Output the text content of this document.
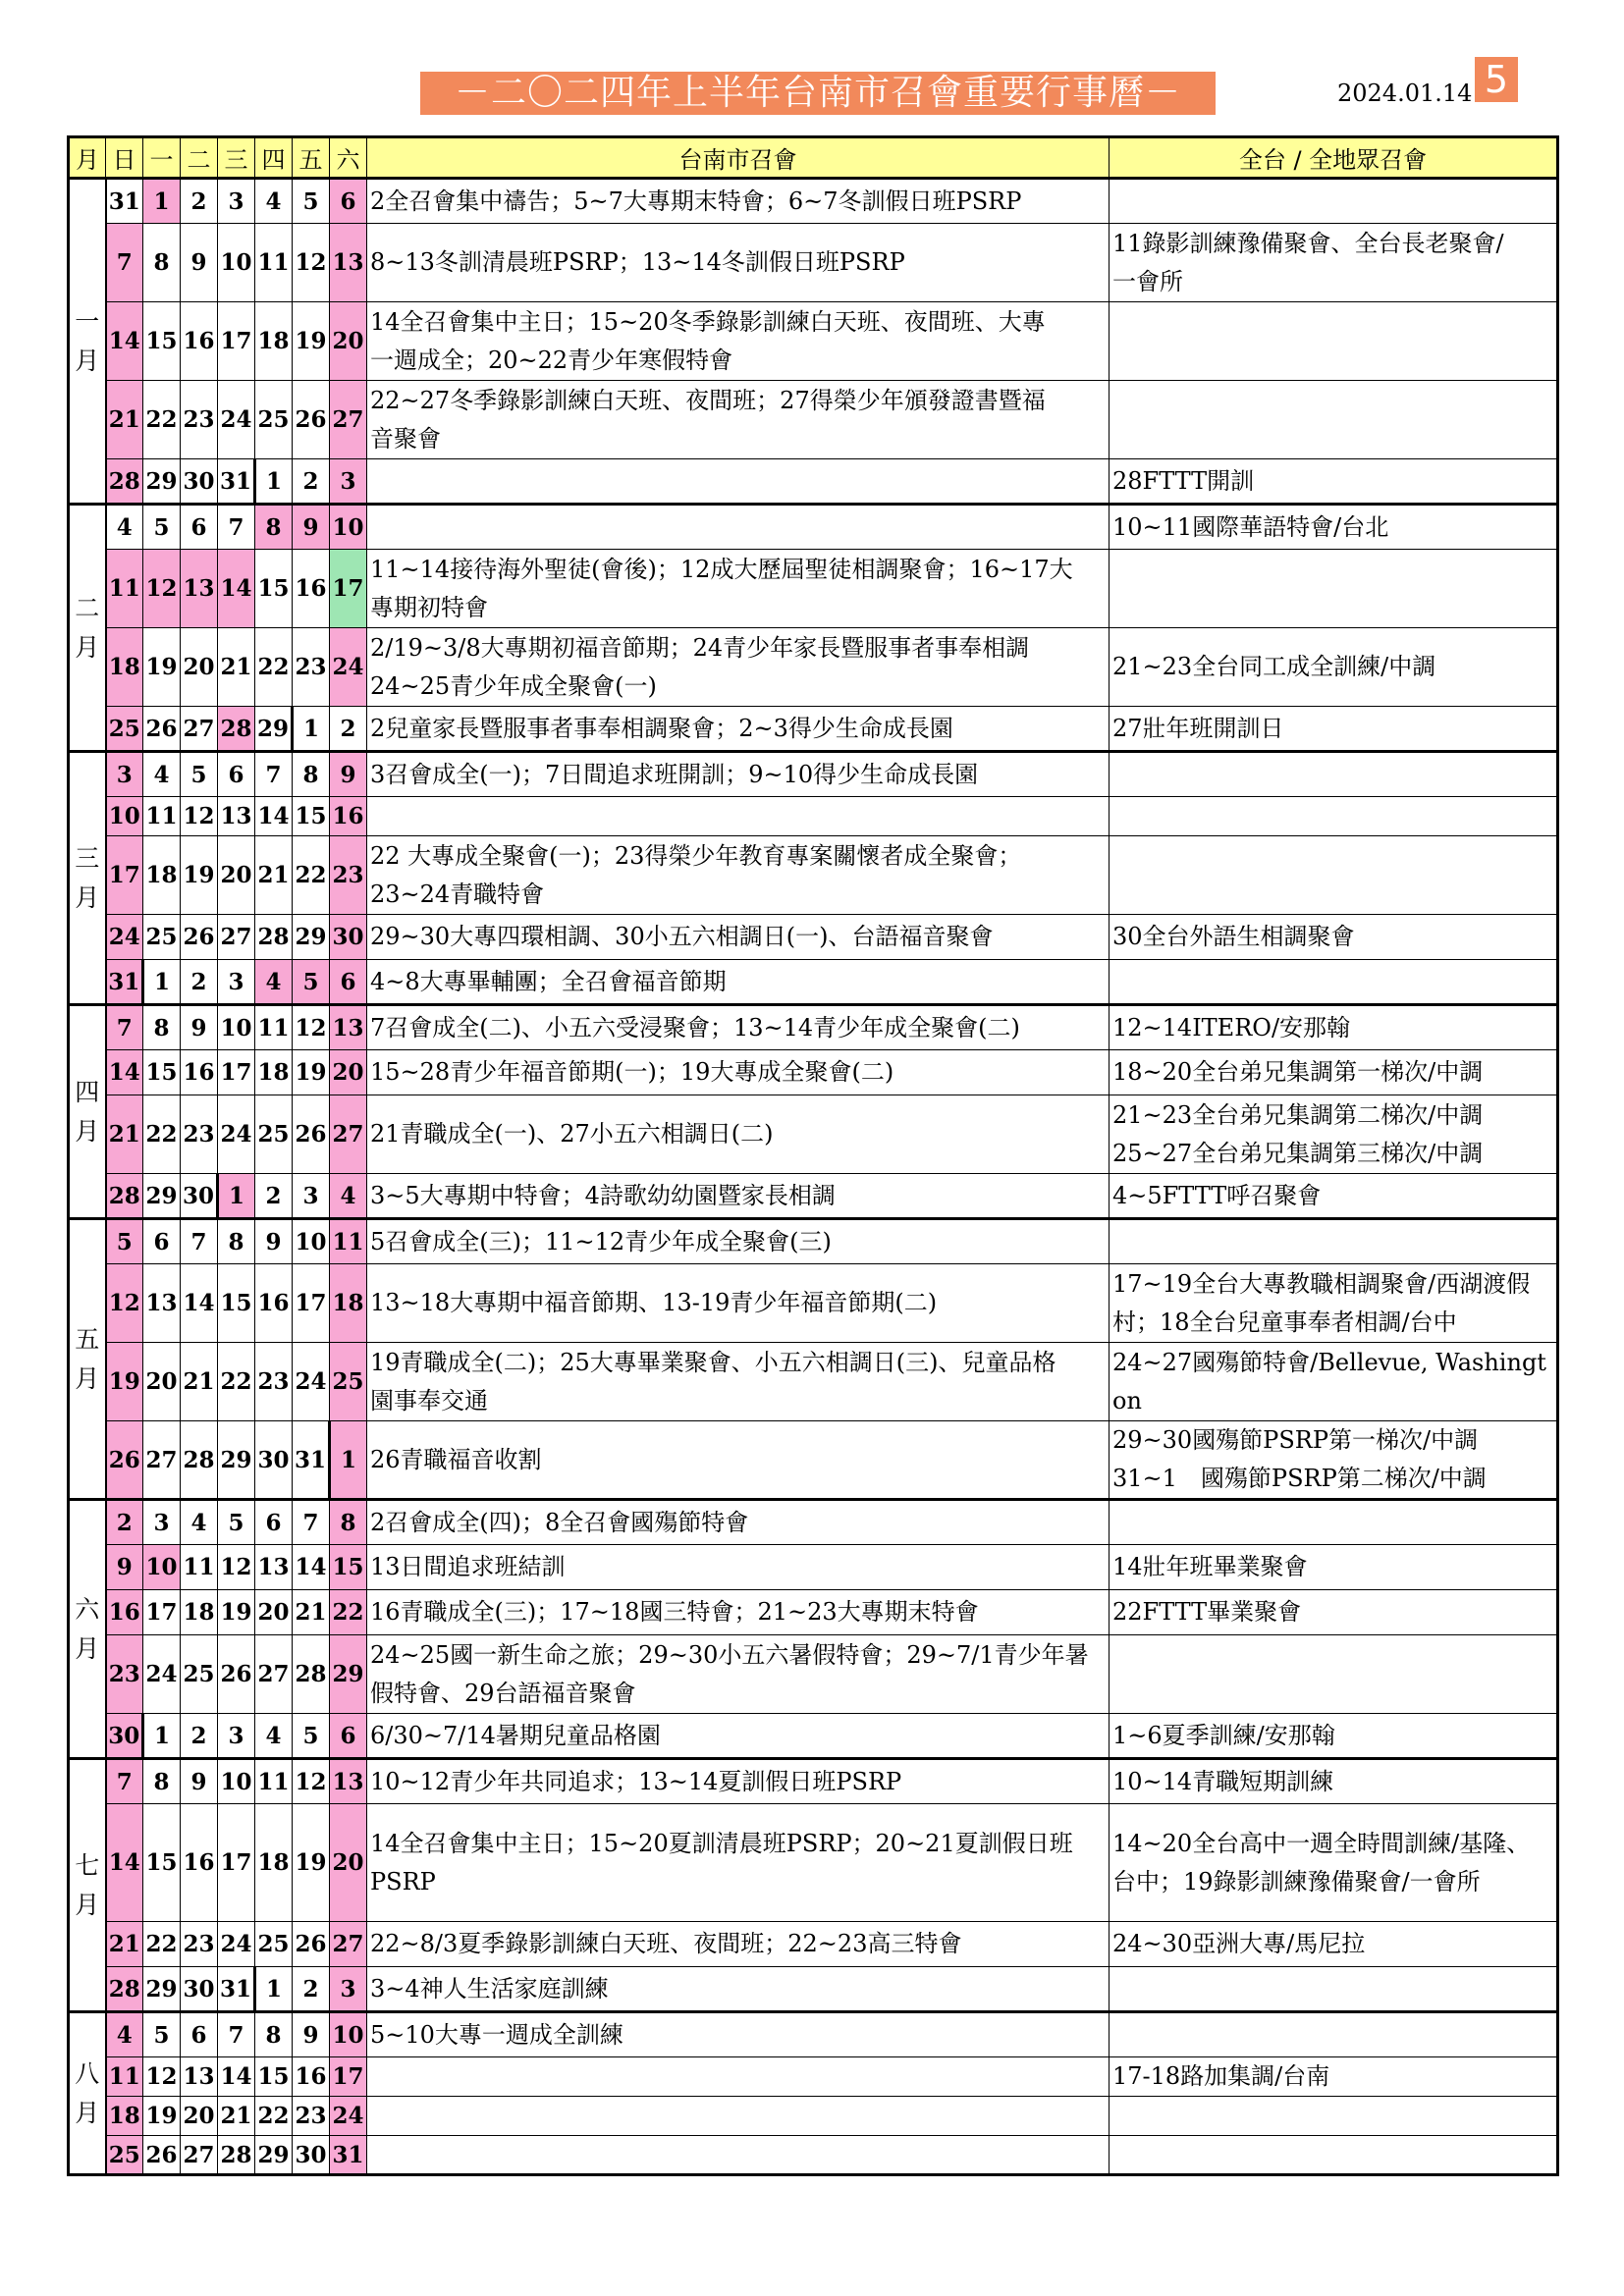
－二〇二四年上半年台南市召會重要行事曆－	2024.01.14 5
月	日	一	二	三	四	五	六	台南市召會	全台 / 全地眾召會

一
月	31	1	2	3	4	5	6	2全召會集中禱告；5~7大專期末特會；6~7冬訓假日班PSRP	
	7	8	9	10	11	12	13	8~13冬訓清晨班PSRP；13~14冬訓假日班PSRP	11錄影訓練豫備聚會、全台長老聚會/
一會所
	14	15	16	17	18	19	20	14全召會集中主日；15~20冬季錄影訓練白天班、夜間班、大專
一週成全；20~22青少年寒假特會	
	21	22	23	24	25	26	27	22~27冬季錄影訓練白天班、夜間班；27得榮少年頒發證書暨福
音聚會	
	28	29	30	31	1	2	3		28FTTT開訓

二
月	4	5	6	7	8	9	10		10~11國際華語特會/台北
	11	12	13	14	15	16	17	11~14接待海外聖徒(會後)；12成大歷屆聖徒相調聚會；16~17大
專期初特會	
	18	19	20	21	22	23	24	2/19~3/8大專期初福音節期；24青少年家長暨服事者事奉相調
24~25青少年成全聚會(一)	21~23全台同工成全訓練/中調
	25	26	27	28	29	1	2	2兒童家長暨服事者事奉相調聚會；2~3得少生命成長園	27壯年班開訓日

三
月	3	4	5	6	7	8	9	3召會成全(一)；7日間追求班開訓；9~10得少生命成長園	
	10	11	12	13	14	15	16		
	17	18	19	20	21	22	23	22 大專成全聚會(一)；23得榮少年教育專案關懷者成全聚會；
23~24青職特會	
	24	25	26	27	28	29	30	29~30大專四環相調、30小五六相調日(一)、台語福音聚會	30全台外語生相調聚會
	31	1	2	3	4	5	6	4~8大專畢輔團；全召會福音節期	

四
月	7	8	9	10	11	12	13	7召會成全(二)、小五六受浸聚會；13~14青少年成全聚會(二)	12~14ITERO/安那翰
	14	15	16	17	18	19	20	15~28青少年福音節期(一)；19大專成全聚會(二)	18~20全台弟兄集調第一梯次/中調
	21	22	23	24	25	26	27	21青職成全(一)、27小五六相調日(二)	21~23全台弟兄集調第二梯次/中調
25~27全台弟兄集調第三梯次/中調
	28	29	30	1	2	3	4	3~5大專期中特會；4詩歌幼幼園暨家長相調	4~5FTTT呼召聚會

五
月	5	6	7	8	9	10	11	5召會成全(三)；11~12青少年成全聚會(三)	
	12	13	14	15	16	17	18	13~18大專期中福音節期、13-19青少年福音節期(二)	17~19全台大專教職相調聚會/西湖渡假
村；18全台兒童事奉者相調/台中
	19	20	21	22	23	24	25	19青職成全(二)；25大專畢業聚會、小五六相調日(三)、兒童品格
園事奉交通	24~27國殤節特會/Bellevue, Washington
	26	27	28	29	30	31	1	26青職福音收割	29~30國殤節PSRP第一梯次/中調
31~1　國殤節PSRP第二梯次/中調

六
月	2	3	4	5	6	7	8	2召會成全(四)；8全召會國殤節特會	
	9	10	11	12	13	14	15	13日間追求班結訓	14壯年班畢業聚會
	16	17	18	19	20	21	22	16青職成全(三)；17~18國三特會；21~23大專期末特會	22FTTT畢業聚會
	23	24	25	26	27	28	29	24~25國一新生命之旅；29~30小五六暑假特會；29~7/1青少年暑
假特會、29台語福音聚會	
	30	1	2	3	4	5	6	6/30~7/14暑期兒童品格園	1~6夏季訓練/安那翰

七
月	7	8	9	10	11	12	13	10~12青少年共同追求；13~14夏訓假日班PSRP	10~14青職短期訓練
	14	15	16	17	18	19	20	14全召會集中主日；15~20夏訓清晨班PSRP；20~21夏訓假日班
PSRP	14~20全台高中一週全時間訓練/基隆、
台中；19錄影訓練豫備聚會/一會所
	21	22	23	24	25	26	27	22~8/3夏季錄影訓練白天班、夜間班；22~23高三特會	24~30亞洲大專/馬尼拉
	28	29	30	31	1	2	3	3~4神人生活家庭訓練	

八
月	4	5	6	7	8	9	10	5~10大專一週成全訓練	
	11	12	13	14	15	16	17		17-18路加集調/台南
	18	19	20	21	22	23	24		
	25	26	27	28	29	30	31		
